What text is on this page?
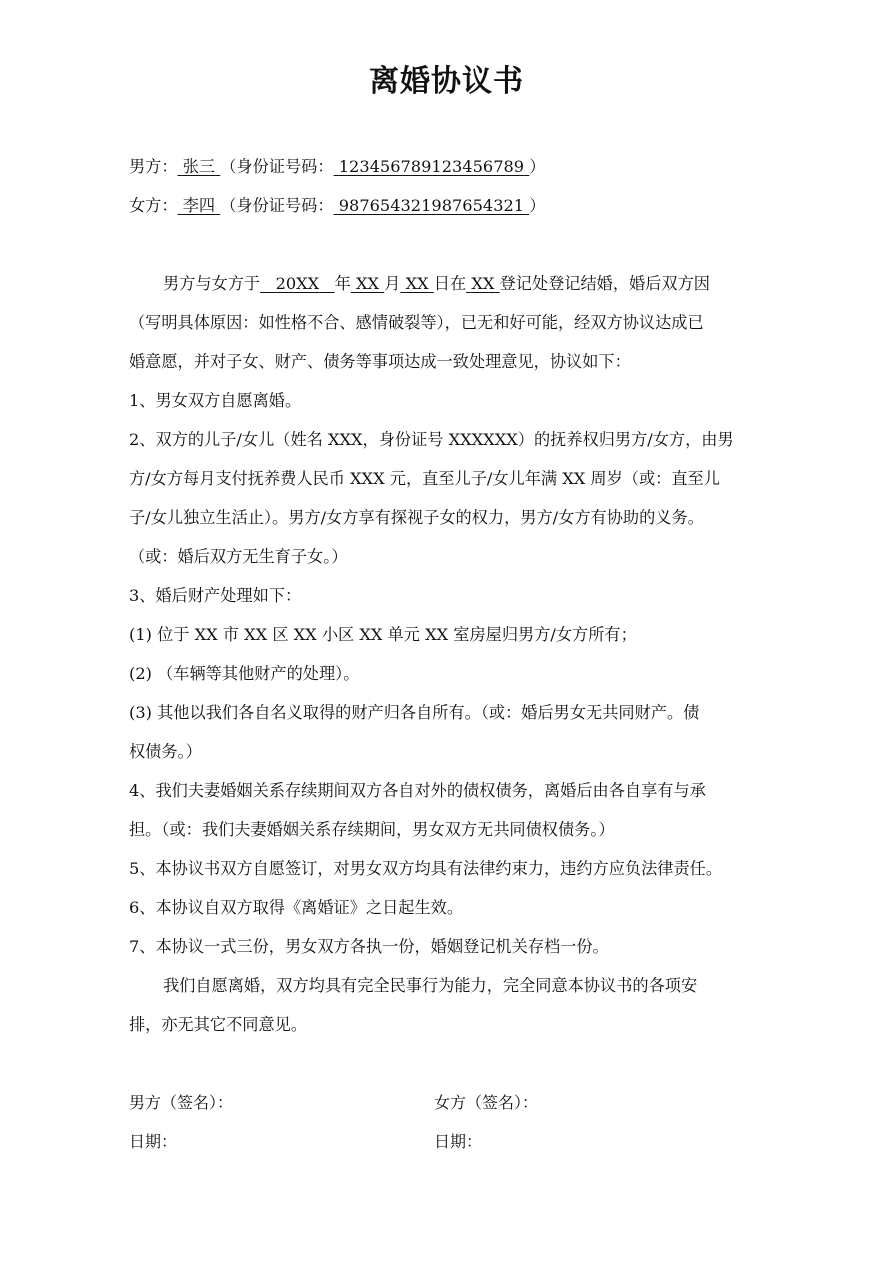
离婚协议书
男方： 张三 （身份证号码： 123456789123456789 ）
女方： 李四 （身份证号码： 987654321987654321 ）
男方与女方于 20XX 年 XX 月 XX 日在 XX 登记处登记结婚，婚后双方因
（写明具体原因：如性格不合、感情破裂等），已无和好可能，经双方协议达成已
婚意愿，并对子女、财产、债务等事项达成一致处理意见，协议如下：
1、男女双方自愿离婚。
2、双方的儿子/女儿（姓名 XXX，身份证号 XXXXXX）的抚养权归男方/女方，由男
方/女方每月支付抚养费人民币 XXX 元，直至儿子/女儿年满 XX 周岁（或：直至儿
子/女儿独立生活止）。男方/女方享有探视子女的权力，男方/女方有协助的义务。
（或：婚后双方无生育子女。）
3、婚后财产处理如下：
(1) 位于 XX 市 XX 区 XX 小区 XX 单元 XX 室房屋归男方/女方所有；
(2) （车辆等其他财产的处理）。
(3) 其他以我们各自名义取得的财产归各自所有。（或：婚后男女无共同财产。债
权债务。）
4、我们夫妻婚姻关系存续期间双方各自对外的债权债务，离婚后由各自享有与承
担。（或：我们夫妻婚姻关系存续期间，男女双方无共同债权债务。）
5、本协议书双方自愿签订，对男女双方均具有法律约束力，违约方应负法律责任。
6、本协议自双方取得《离婚证》之日起生效。
7、本协议一式三份，男女双方各执一份，婚姻登记机关存档一份。
我们自愿离婚，双方均具有完全民事行为能力，完全同意本协议书的各项安
排，亦无其它不同意见。
男方（签名）：	女方（签名）：
日期：	日期：
